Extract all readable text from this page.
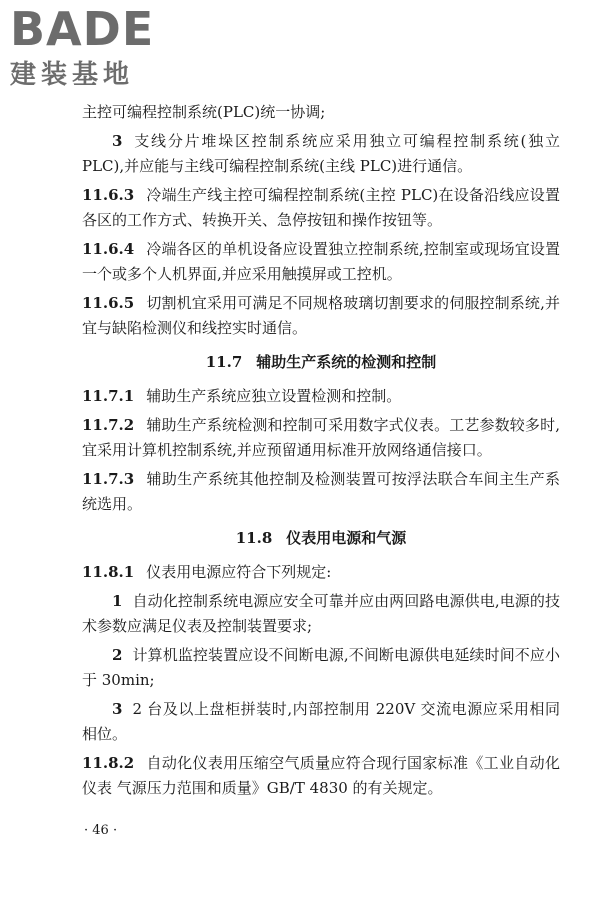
BADE
建装基地
主控可编程控制系统(PLC)统一协调;
3 支线分片堆垛区控制系统应采用独立可编程控制系统(独立 PLC),并应能与主线可编程控制系统(主线 PLC)进行通信。
11.6.3 冷端生产线主控可编程控制系统(主控 PLC)在设备沿线应设置各区的工作方式、转换开关、急停按钮和操作按钮等。
11.6.4 冷端各区的单机设备应设置独立控制系统,控制室或现场宜设置一个或多个人机界面,并应采用触摸屏或工控机。
11.6.5 切割机宜采用可满足不同规格玻璃切割要求的伺服控制系统,并宜与缺陷检测仪和线控实时通信。
11.7 辅助生产系统的检测和控制
11.7.1 辅助生产系统应独立设置检测和控制。
11.7.2 辅助生产系统检测和控制可采用数字式仪表。工艺参数较多时,宜采用计算机控制系统,并应预留通用标准开放网络通信接口。
11.7.3 辅助生产系统其他控制及检测装置可按浮法联合车间主生产系统选用。
11.8 仪表用电源和气源
11.8.1 仪表用电源应符合下列规定:
1 自动化控制系统电源应安全可靠并应由两回路电源供电,电源的技术参数应满足仪表及控制装置要求;
2 计算机监控装置应设不间断电源,不间断电源供电延续时间不应小于 30min;
3 2 台及以上盘柜拼装时,内部控制用 220V 交流电源应采用相同相位。
11.8.2 自动化仪表用压缩空气质量应符合现行国家标准《工业自动化仪表 气源压力范围和质量》GB/T 4830 的有关规定。
· 46 ·
